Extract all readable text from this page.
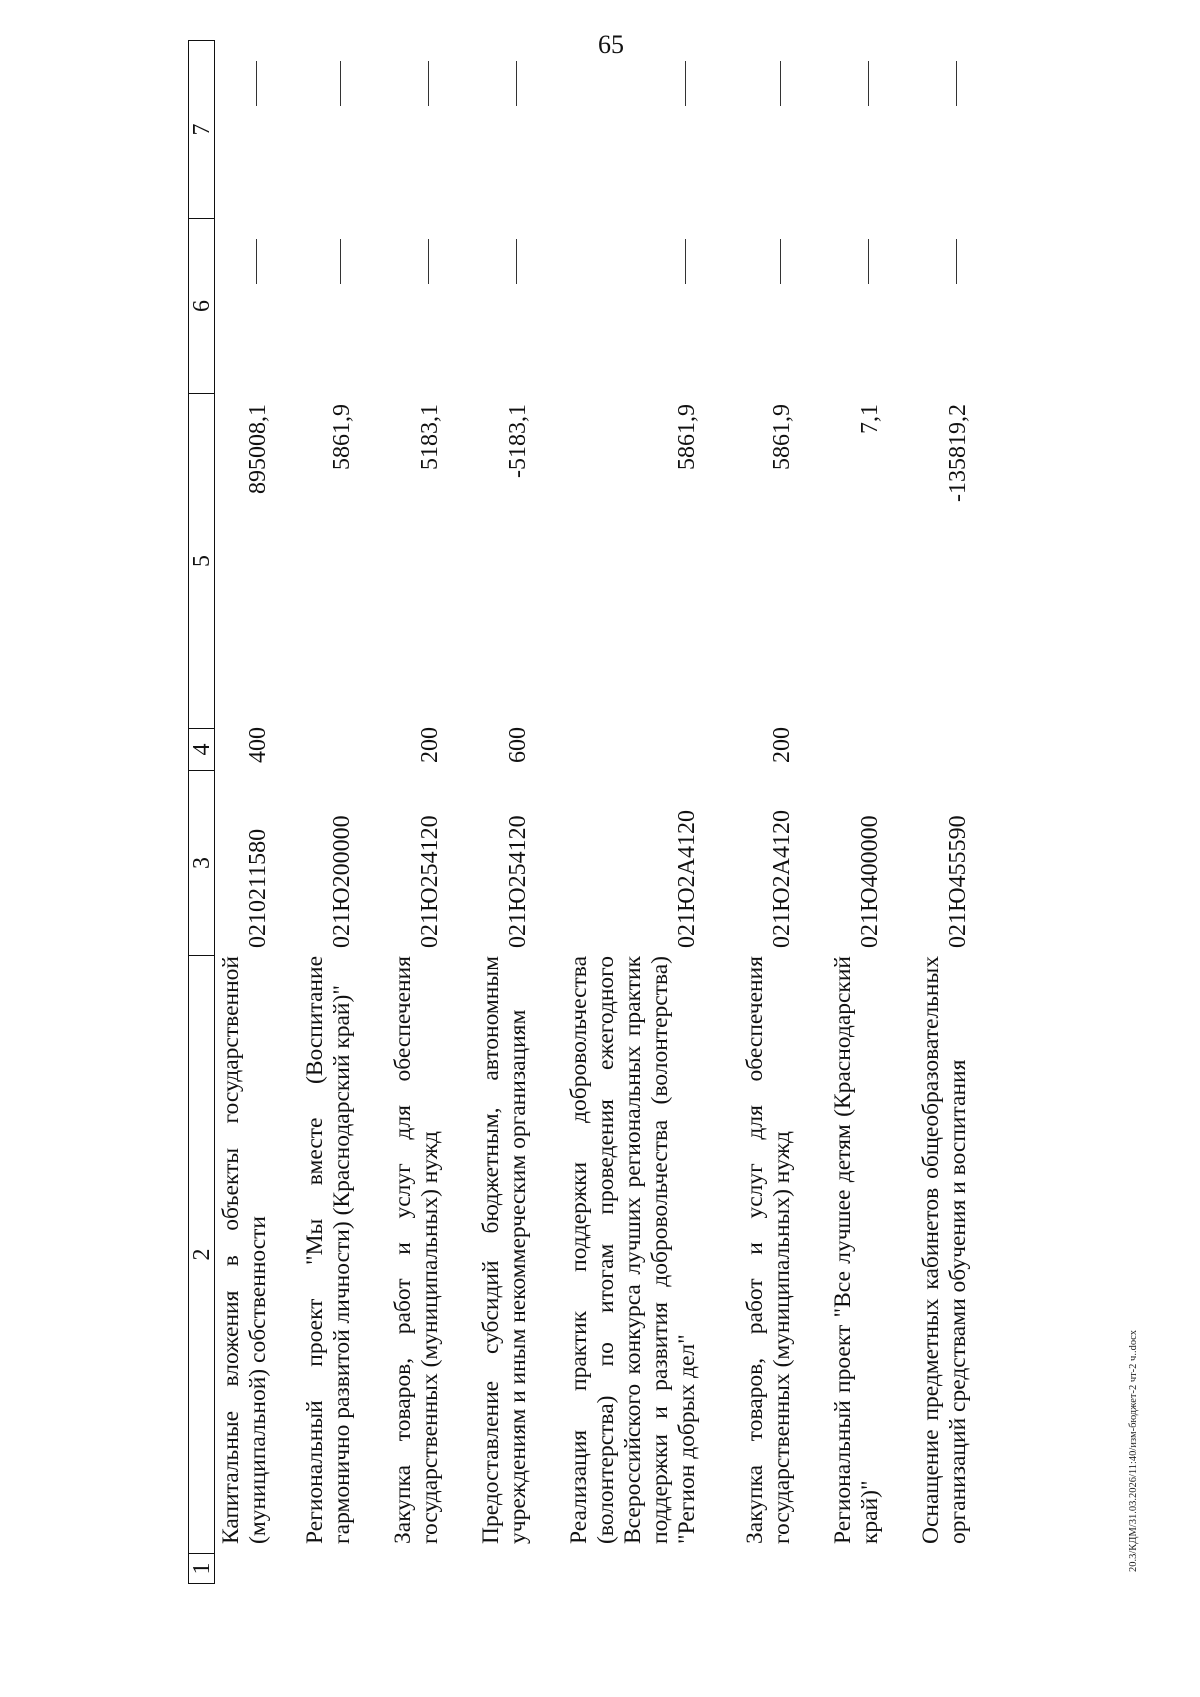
65
1
2
3
4
5
6
7
Капитальные вложения в объекты государственной (муниципальной) собственности
0210211580
400
895008,1
Региональный проект "Мы вместе (Воспитание гармонично развитой личности) (Краснодарский край)"
021Ю200000
5861,9
Закупка товаров, работ и услуг для обеспечения государственных (муниципальных) нужд
021Ю254120
200
5183,1
Предоставление субсидий бюджетным, автономным учреждениям и иным некоммерческим организациям
021Ю254120
600
-5183,1
Реализация практик поддержки добровольчества (волонтерства) по итогам проведения ежегодного Всероссийского конкурса лучших региональных практик поддержки и развития добровольчества (волонтерства) "Регион добрых дел"
021Ю2А4120
5861,9
Закупка товаров, работ и услуг для обеспечения государственных (муниципальных) нужд
021Ю2А4120
200
5861,9
Региональный проект "Все лучшее детям (Краснодарский край)"
021Ю400000
7,1
Оснащение предметных кабинетов общеобразовательных организаций средствами обучения и воспитания
021Ю455590
-135819,2
20.3/КДМ/31.03.2026/11:40/изм-бюджет-2 чт-2 ч..docx
